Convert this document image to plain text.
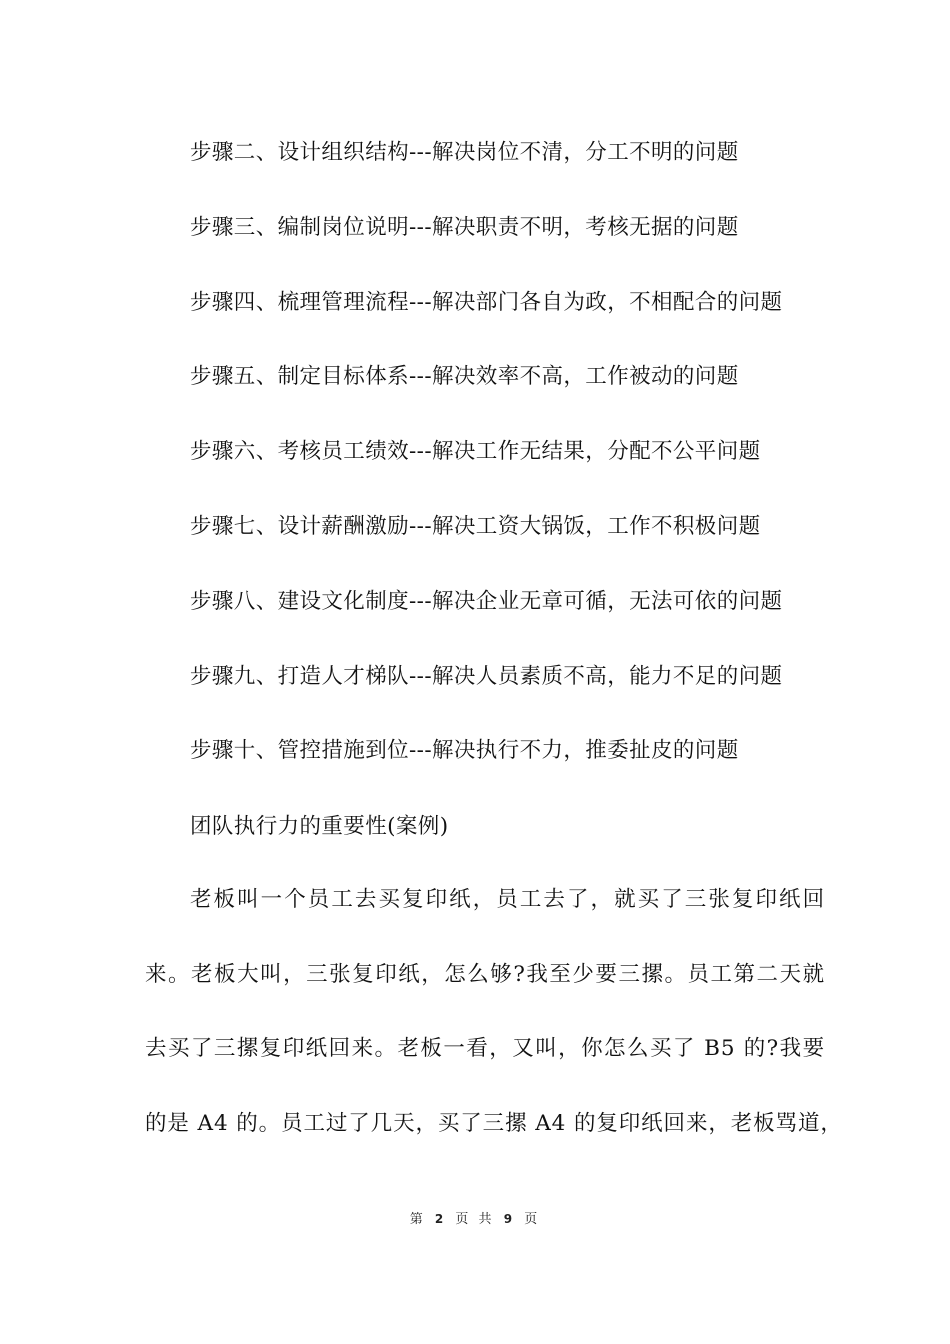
步骤二、设计组织结构---解决岗位不清，分工不明的问题
步骤三、编制岗位说明---解决职责不明，考核无据的问题
步骤四、梳理管理流程---解决部门各自为政，不相配合的问题
步骤五、制定目标体系---解决效率不高，工作被动的问题
步骤六、考核员工绩效---解决工作无结果，分配不公平问题
步骤七、设计薪酬激励---解决工资大锅饭，工作不积极问题
步骤八、建设文化制度---解决企业无章可循，无法可依的问题
步骤九、打造人才梯队---解决人员素质不高，能力不足的问题
步骤十、管控措施到位---解决执行不力，推委扯皮的问题
团队执行力的重要性(案例)
老板叫一个员工去买复印纸，员工去了，就买了三张复印纸回
来。老板大叫，三张复印纸，怎么够?我至少要三摞。员工第二天就
去买了三摞复印纸回来。老板一看，又叫，你怎么买了 B5 的?我要
的是 A4 的。员工过了几天，买了三摞 A4 的复印纸回来，老板骂道，
第 2 页 共 9 页
